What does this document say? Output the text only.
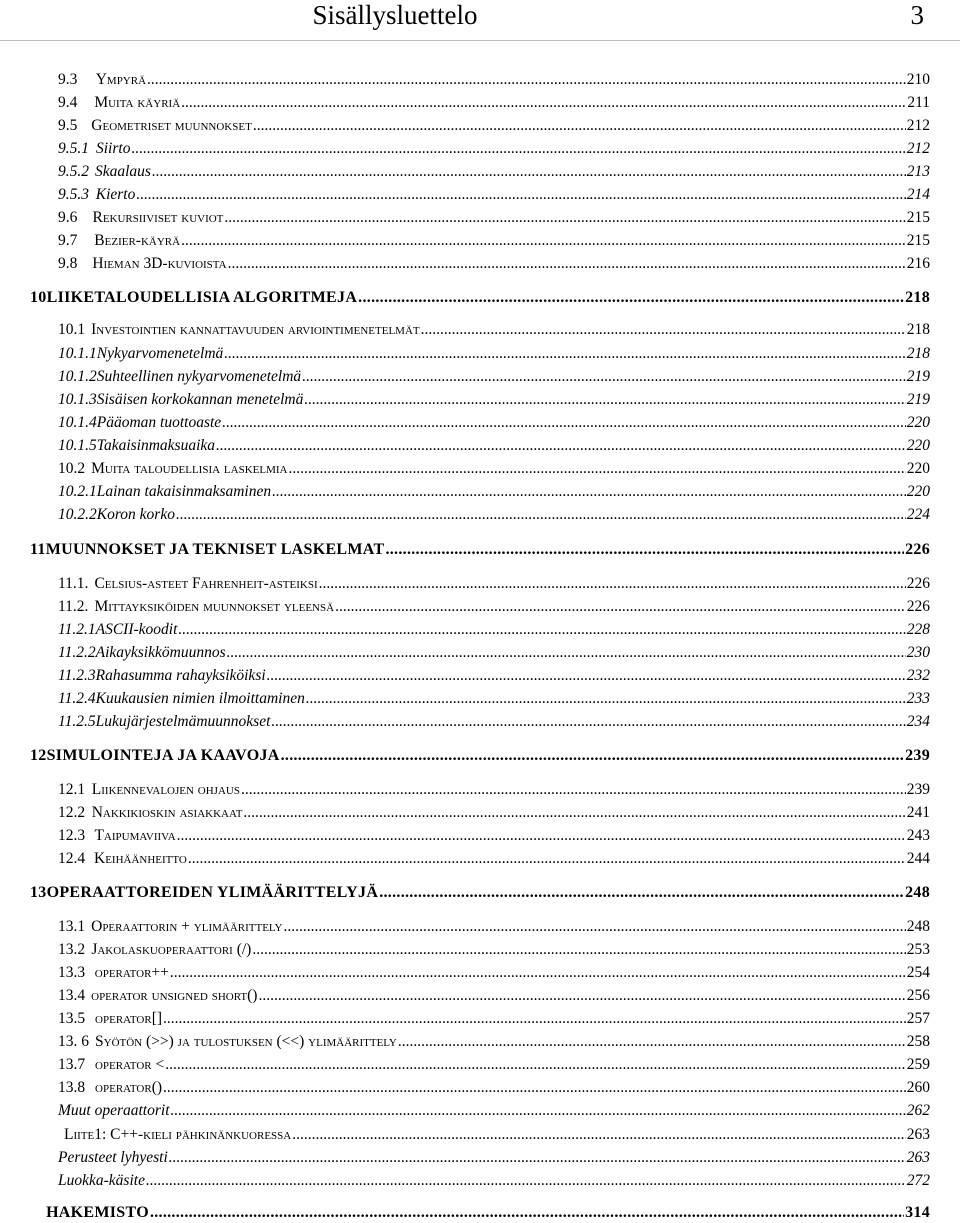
Sisällysluettelo	3
9.3	Ympyrä .....	210
9.4	Muita käyriä .....	211
9.5 Geometriset muunnokset .....	212
9.5.1 Siirto .....	212
9.5.2 Skaalaus .....	213
9.5.3 Kierto .....	214
9.6 Rekursiiviset kuviot .....	215
9.7	Bezier-käyrä .....	215
9.8 Hieman 3D-kuvioista .....	216
10 LIIKETALOUDELLISIA ALGORITMEJA .....	218
10.1 Investointien kannattavuuden arviointimenetelmät .....	218
10.1.1 Nykyarvomenetelmä .....	218
10.1.2 Suhteellinen nykyarvomenetelmä .....	219
10.1.3 Sisäisen korkokannan menetelmä .....	219
10.1.4 Pääoman tuottoaste .....	220
10.1.5 Takaisinmaksuaika .....	220
10.2 Muita taloudellisia laskelmia .....	220
10.2.1 Lainan takaisinmaksaminen .....	220
10.2.2 Koron korko .....	224
11 MUUNNOKSET JA TEKNISET LASKELMAT .....	226
11.1. Celsius-asteet Fahrenheit-asteiksi .....	226
11.2. Mittayksiköiden muunnokset yleensä .....	226
11.2.1 ASCII-koodit .....	228
11.2.2 Aikayksikkömuunnos .....	230
11.2.3 Rahasumma rahayksiköiksi .....	232
11.2.4 Kuukausien nimien ilmoittaminen .....	233
11.2.5 Lukujärjestelmämuunnokset .....	234
12 SIMULOINTEJA JA KAAVOJA .....	239
12.1 Liikennevalojen ohjaus .....	239
12.2 Nakkikioskin asiakkaat .....	241
12.3 Taipumaviiva .....	243
12.4 Keihäänheitto .....	244
13 OPERAATTOREIDEN YLIMÄÄRITTELYJÄ .....	248
13.1 Operaattorin + ylimäärittely .....	248
13.2 Jakolaskuoperaattori (/) .....	253
13.3 operator++ .....	254
13.4 operator unsigned short() .....	256
13.5 operator[] .....	257
13. 6 Syötön (>>) ja tulostuksen (<<) ylimäärittely .....	258
13.7 operator < .....	259
13.8 operator() .....	260
Muut operaattorit .....	262
Liite1: C++-kieli pähkinänkuoressa .....	263
Perusteet lyhyesti .....	263
Luokka-käsite .....	272
HAKEMISTO .....	314
